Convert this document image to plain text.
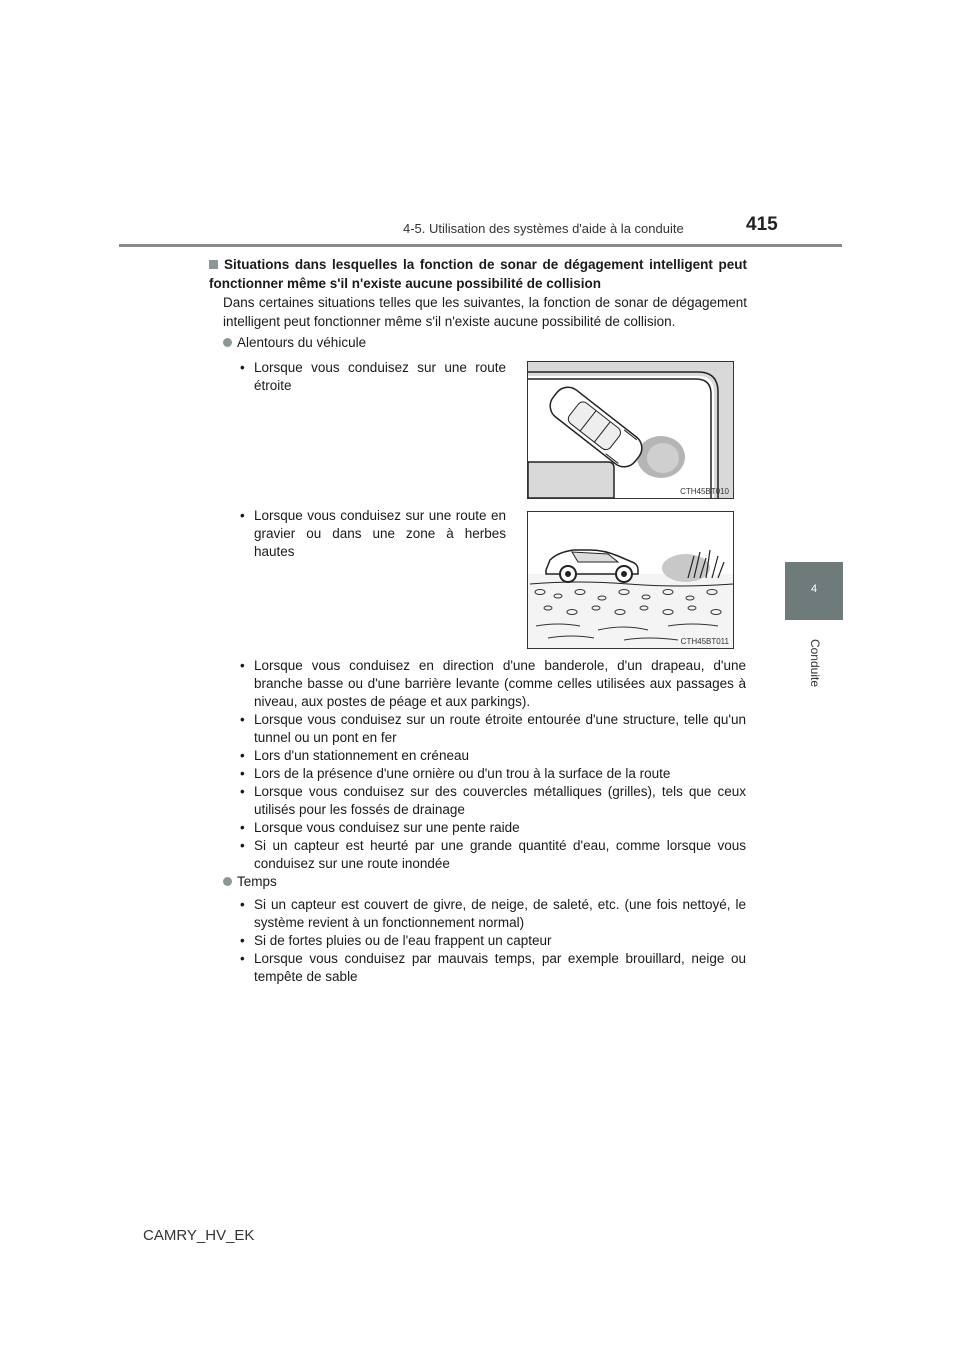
4-5. Utilisation des systèmes d'aide à la conduite	415
4
Conduite
Situations dans lesquelles la fonction de sonar de dégagement intelligent peut fonctionner même s'il n'existe aucune possibilité de collision
Dans certaines situations telles que les suivantes, la fonction de sonar de dégagement intelligent peut fonctionner même s'il n'existe aucune possibilité de collision.
Alentours du véhicule
• Lorsque vous conduisez sur une route étroite
CTH45BT010
• Lorsque vous conduisez sur une route en gravier ou dans une zone à herbes hautes
CTH45BT011
• Lorsque vous conduisez en direction d'une banderole, d'un drapeau, d'une branche basse ou d'une barrière levante (comme celles utilisées aux passages à niveau, aux postes de péage et aux parkings).
• Lorsque vous conduisez sur un route étroite entourée d'une structure, telle qu'un tunnel ou un pont en fer
• Lors d'un stationnement en créneau
• Lors de la présence d'une ornière ou d'un trou à la surface de la route
• Lorsque vous conduisez sur des couvercles métalliques (grilles), tels que ceux utilisés pour les fossés de drainage
• Lorsque vous conduisez sur une pente raide
• Si un capteur est heurté par une grande quantité d'eau, comme lorsque vous conduisez sur une route inondée
Temps
• Si un capteur est couvert de givre, de neige, de saleté, etc. (une fois nettoyé, le système revient à un fonctionnement normal)
• Si de fortes pluies ou de l'eau frappent un capteur
• Lorsque vous conduisez par mauvais temps, par exemple brouillard, neige ou tempête de sable
CAMRY_HV_EK
